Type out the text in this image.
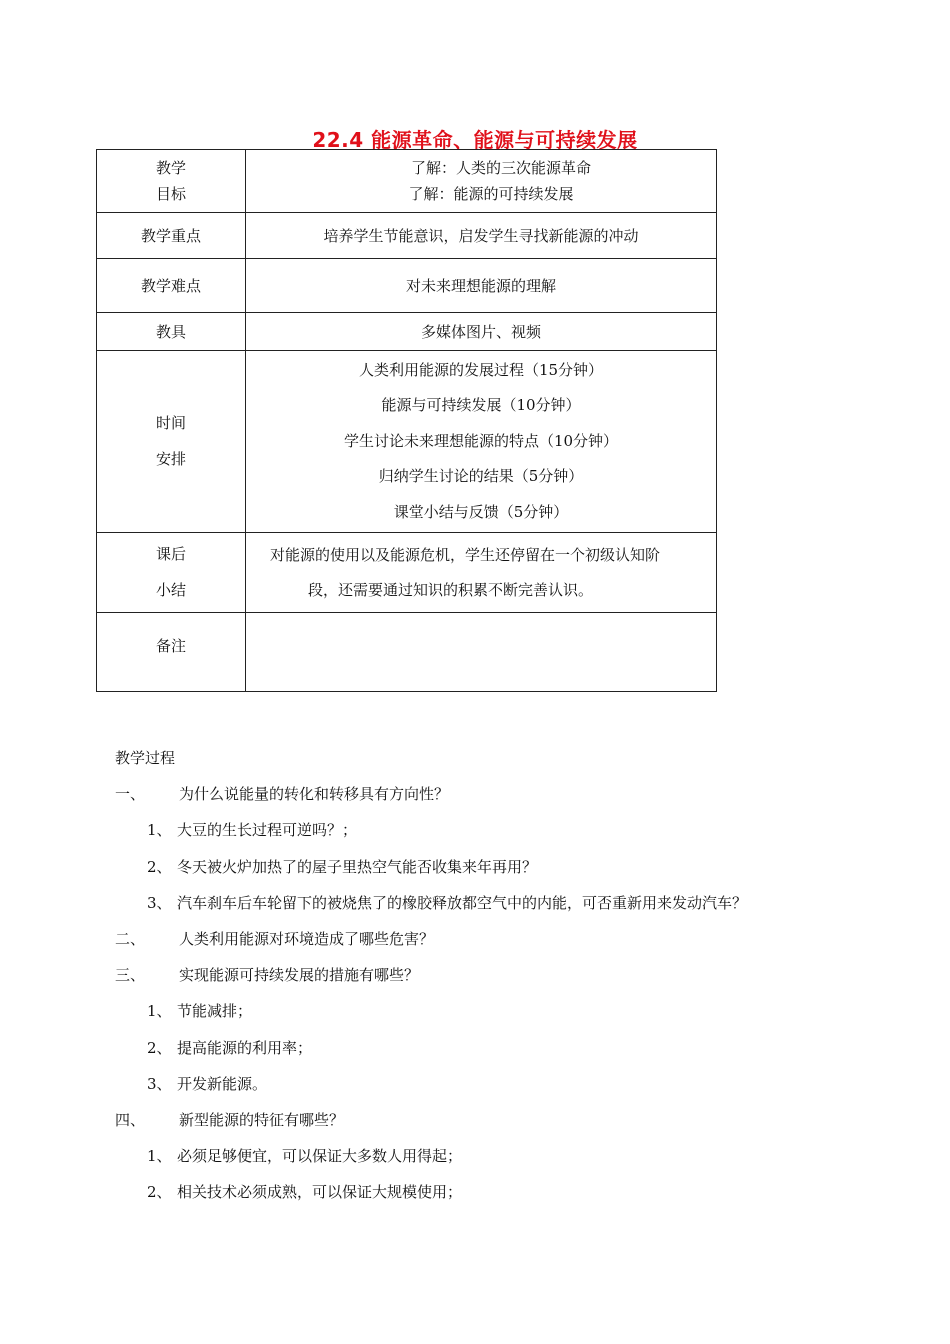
22.4 能源革命、能源与可持续发展
教学
目标	了解：人类的三次能源革命
了解：能源的可持续发展

教学重点	培养学生节能意识，启发学生寻找新能源的冲动
教学难点	对未来理想能源的理解
教具	多媒体图片、视频

时间
安排	人类利用能源的发展过程（15分钟）
能源与可持续发展（10分钟）
学生讨论未来理想能源的特点（10分钟）
归纳学生讨论的结果（5分钟）
课堂小结与反馈（5分钟）

课后
小结	对能源的使用以及能源危机，学生还停留在一个初级认知阶
段，还需要通过知识的积累不断完善认识。

备注	
教学过程
一、 为什么说能量的转化和转移具有方向性？
1、 大豆的生长过程可逆吗？；
2、 冬天被火炉加热了的屋子里热空气能否收集来年再用？
3、 汽车刹车后车轮留下的被烧焦了的橡胶释放都空气中的内能，可否重新用来发动汽车？
二、 人类利用能源对环境造成了哪些危害？
三、 实现能源可持续发展的措施有哪些？
1、 节能减排；
2、 提高能源的利用率；
3、 开发新能源。
四、 新型能源的特征有哪些？
1、 必须足够便宜，可以保证大多数人用得起；
2、 相关技术必须成熟，可以保证大规模使用；
